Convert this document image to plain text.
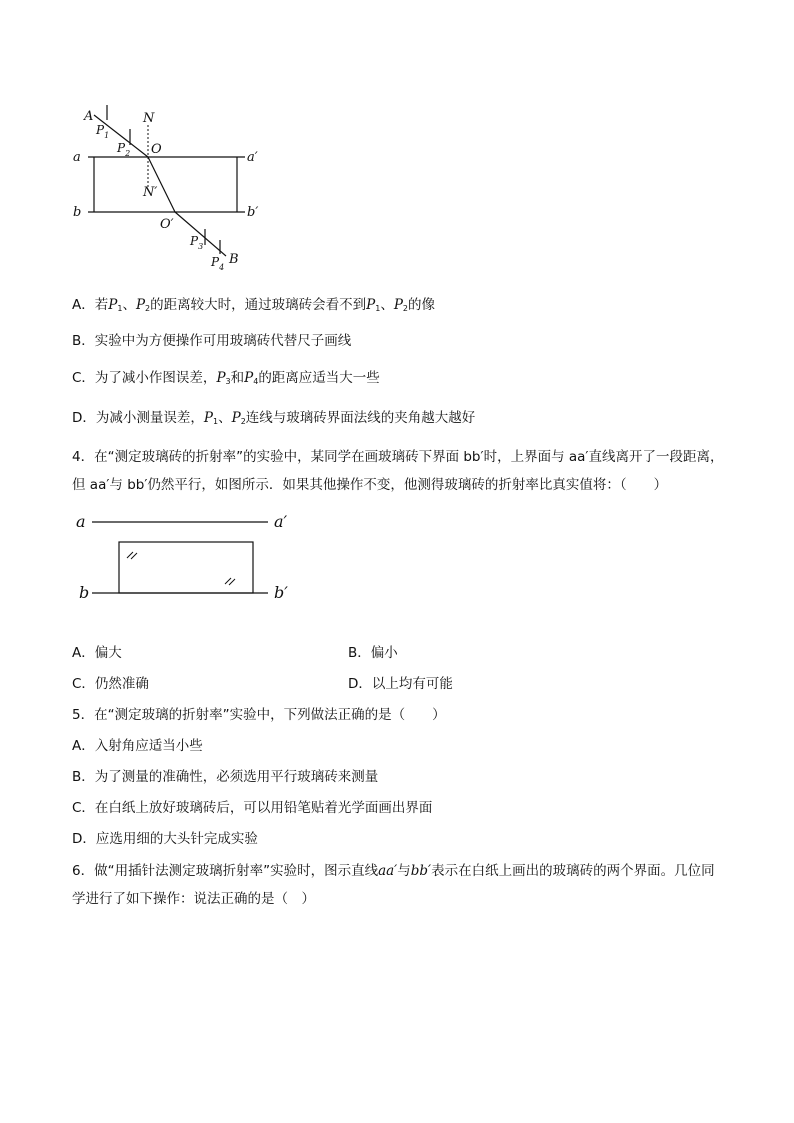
A	N
O
N′
O′
B
a	a′
b	b′
$P_1$
$P_2$
$P_3$
$P_4$
A．若$P_1$、$P_2$的距离较大时，通过玻璃砖会看不到$P_1$、$P_2$的像
B．实验中为方便操作可用玻璃砖代替尺子画线
C．为了减小作图误差，$P_3$和$P_4$的距离应适当大一些
D．为减小测量误差，$P_1$、$P_2$连线与玻璃砖界面法线的夹角越大越好
4．在“测定玻璃砖的折射率”的实验中，某同学在画玻璃砖下界面 bb′时，上界面与 aa′直线离开了一段距离，但 aa′与 bb′仍然平行，如图所示．如果其他操作不变，他测得玻璃砖的折射率比真实值将：（　　）
a	a′
b	b′
A．偏大	B．偏小
C．仍然准确	D．以上均有可能
5．在“测定玻璃的折射率”实验中，下列做法正确的是（　　）
A．入射角应适当小些
B．为了测量的准确性，必须选用平行玻璃砖来测量
C．在白纸上放好玻璃砖后，可以用铅笔贴着光学面画出界面
D．应选用细的大头针完成实验
6．做“用插针法测定玻璃折射率”实验时，图示直线aa′与bb′表示在白纸上画出的玻璃砖的两个界面。几位同学进行了如下操作：说法正确的是（　）
